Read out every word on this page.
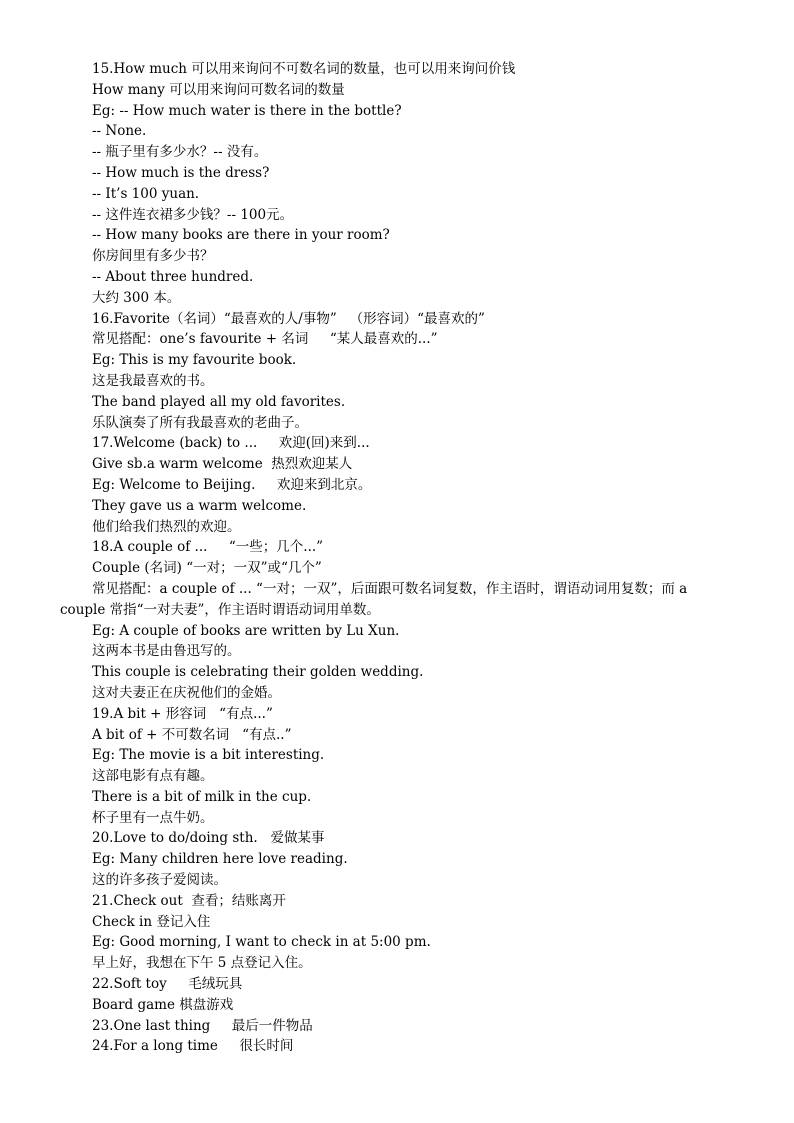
15.How much 可以用来询问不可数名词的数量，也可以用来询问价钱

How many 可以用来询问可数名词的数量

Eg: -- How much water is there in the bottle?

-- None.

-- 瓶子里有多少水？-- 没有。

-- How much is the dress?

-- It’s 100 yuan.

-- 这件连衣裙多少钱？-- 100元。

-- How many books are there in your room?

你房间里有多少书？

-- About three hundred.

大约 300 本。

16.Favorite（名词）“最喜欢的人/事物”   （形容词）“最喜欢的”

常见搭配：one’s favourite + 名词     “某人最喜欢的...”

Eg: This is my favourite book.

这是我最喜欢的书。

The band played all my old favorites.

乐队演奏了所有我最喜欢的老曲子。

17.Welcome (back) to ...     欢迎(回)来到...

Give sb.a warm welcome  热烈欢迎某人

Eg: Welcome to Beijing.     欢迎来到北京。

They gave us a warm welcome.

他们给我们热烈的欢迎。

18.A couple of ...     “一些；几个...”

Couple (名词) “一对；一双”或“几个”

常见搭配：a couple of ... “一对；一双”，后面跟可数名词复数，作主语时，谓语动词用复数；而 a couple 常指“一对夫妻”，作主语时谓语动词用单数。

Eg: A couple of books are written by Lu Xun.

这两本书是由鲁迅写的。

This couple is celebrating their golden wedding.

这对夫妻正在庆祝他们的金婚。

19.A bit + 形容词   “有点...”

A bit of + 不可数名词   “有点..”

Eg: The movie is a bit interesting.

这部电影有点有趣。

There is a bit of milk in the cup.

杯子里有一点牛奶。

20.Love to do/doing sth.   爱做某事

Eg: Many children here love reading.

这的许多孩子爱阅读。

21.Check out  查看；结账离开

Check in 登记入住

Eg: Good morning, I want to check in at 5:00 pm.

早上好，我想在下午 5 点登记入住。

22.Soft toy     毛绒玩具

Board game 棋盘游戏

23.One last thing     最后一件物品

24.For a long time     很长时间
